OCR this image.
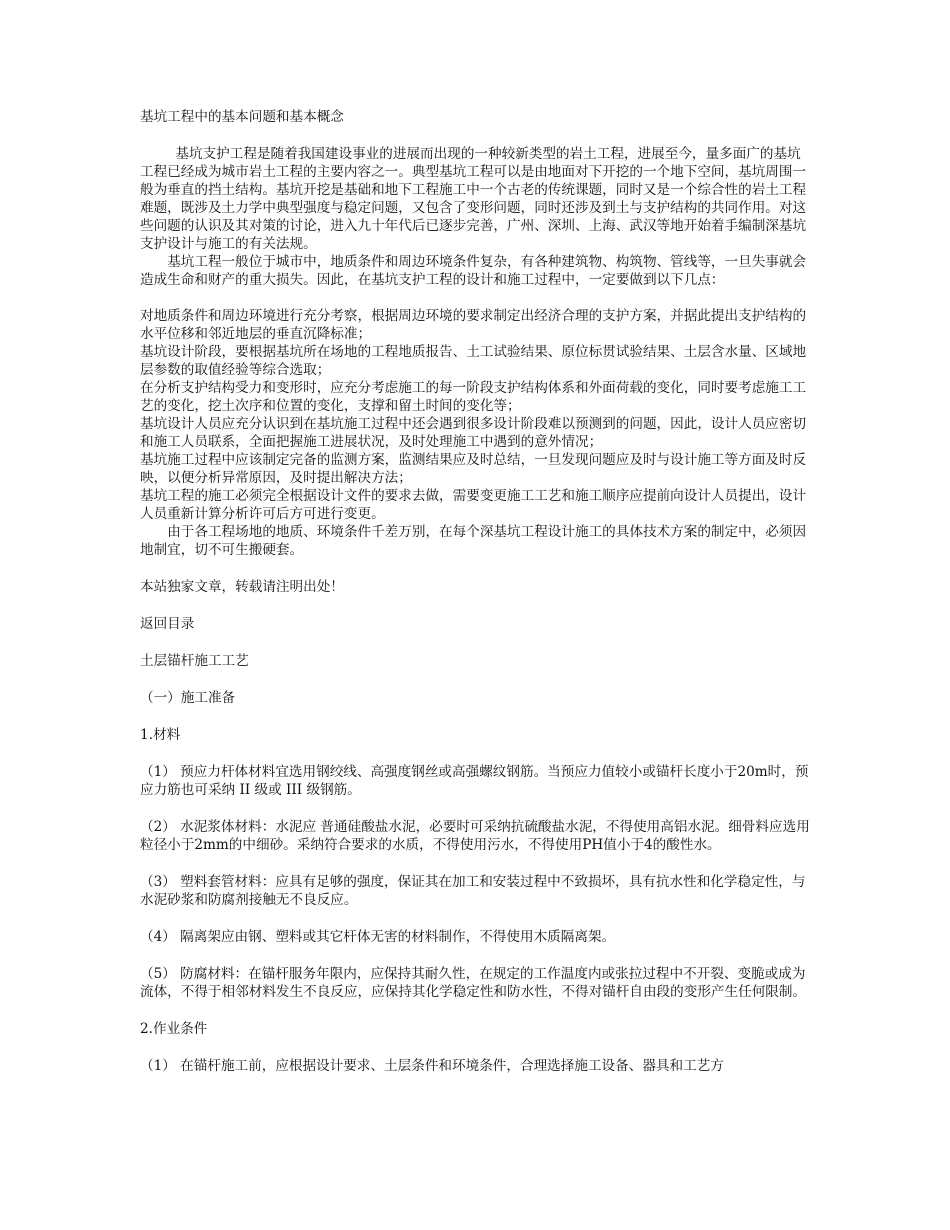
基坑工程中的基本问题和基本概念

基坑支护工程是随着我国建设事业的进展而出现的一种较新类型的岩土工程，进展至今，量多面广的基坑工程已经成为城市岩土工程的主要内容之一。典型基坑工程可以是由地面对下开挖的一个地下空间，基坑周围一般为垂直的挡土结构。基坑开挖是基础和地下工程施工中一个古老的传统课题，同时又是一个综合性的岩土工程难题，既涉及土力学中典型强度与稳定问题，又包含了变形问题，同时还涉及到土与支护结构的共同作用。对这些问题的认识及其对策的讨论，进入九十年代后已逐步完善，广州、深圳、上海、武汉等地开始着手编制深基坑支护设计与施工的有关法规。

基坑工程一般位于城市中，地质条件和周边环境条件复杂，有各种建筑物、构筑物、管线等，一旦失事就会造成生命和财产的重大损失。因此，在基坑支护工程的设计和施工过程中，一定要做到以下几点：

对地质条件和周边环境进行充分考察，根据周边环境的要求制定出经济合理的支护方案，并据此提出支护结构的水平位移和邻近地层的垂直沉降标准；

基坑设计阶段，要根据基坑所在场地的工程地质报告、土工试验结果、原位标贯试验结果、土层含水量、区域地层参数的取值经验等综合选取；

在分析支护结构受力和变形时，应充分考虑施工的每一阶段支护结构体系和外面荷载的变化，同时要考虑施工工艺的变化，挖土次序和位置的变化，支撑和留土时间的变化等；

基坑设计人员应充分认识到在基坑施工过程中还会遇到很多设计阶段难以预测到的问题，因此，设计人员应密切和施工人员联系，全面把握施工进展状况，及时处理施工中遇到的意外情况；

基坑施工过程中应该制定完备的监测方案，监测结果应及时总结，一旦发现问题应及时与设计施工等方面及时反映，以便分析异常原因，及时提出解决方法；

基坑工程的施工必须完全根据设计文件的要求去做，需要变更施工工艺和施工顺序应提前向设计人员提出，设计人员重新计算分析许可后方可进行变更。

由于各工程场地的地质、环境条件千差万别，在每个深基坑工程设计施工的具体技术方案的制定中，必须因地制宜，切不可生搬硬套。

本站独家文章，转载请注明出处！

返回目录

土层锚杆施工工艺

（一）施工准备

1.材料

（1） 预应力杆体材料宜选用钢绞线、高强度钢丝或高强螺纹钢筋。当预应力值较小或锚杆长度小于20m时，预应力筋也可采纳 II 级或 III 级钢筋。

（2） 水泥浆体材料：水泥应 普通硅酸盐水泥，必要时可采纳抗硫酸盐水泥，不得使用高铝水泥。细骨料应选用粒径小于2mm的中细砂。采纳符合要求的水质，不得使用污水，不得使用PH值小于4的酸性水。

（3） 塑料套管材料：应具有足够的强度，保证其在加工和安装过程中不致损坏，具有抗水性和化学稳定性，与水泥砂浆和防腐剂接触无不良反应。

（4） 隔离架应由钢、塑料或其它杆体无害的材料制作，不得使用木质隔离架。

（5） 防腐材料：在锚杆服务年限内，应保持其耐久性，在规定的工作温度内或张拉过程中不开裂、变脆或成为流体，不得于相邻材料发生不良反应，应保持其化学稳定性和防水性，不得对锚杆自由段的变形产生任何限制。

2.作业条件

（1） 在锚杆施工前，应根据设计要求、土层条件和环境条件，合理选择施工设备、器具和工艺方
